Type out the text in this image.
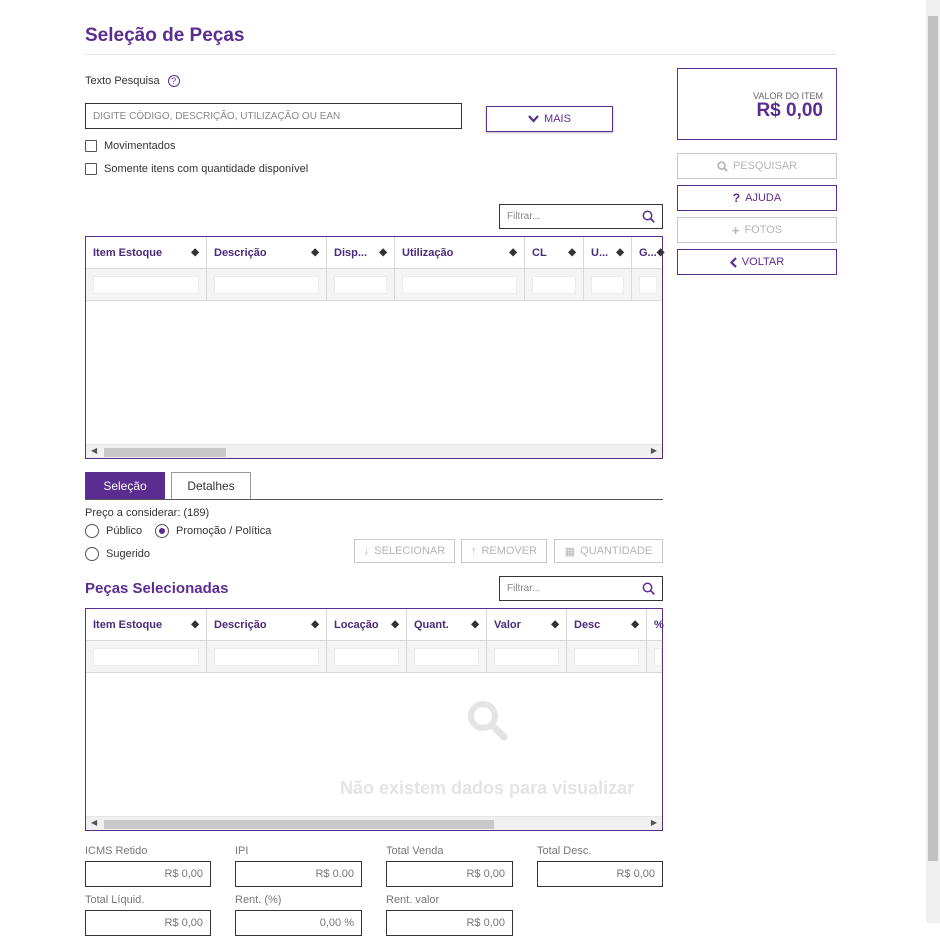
Seleção de Peças
Texto Pesquisa ?
DIGITE CÓDIGO, DESCRIÇÃO, UTILIZAÇÃO OU EAN	MAIS
Movimentados
Somente itens com quantidade disponível
VALOR DO ITEM
R$ 0,00
PESQUISAR
? AJUDA
+ FOTOS
VOLTAR
Filtrar...
Item Estoque	◆ Descrição	◆ Disp... ◆ Utilização	◆ CL ◆ U... ◆ G... ◆
◀	▶
Seleção	Detalhes
Preço a considerar: (189)
Público	Promoção / Política
Sugerido	↓ SELECIONAR ↑ REMOVER	▦ QUANTIDADE
Peças Selecionadas	Filtrar...
Item Estoque	◆ Descrição	◆ Locação ◆ Quant. ◆ Valor	◆ Desc	◆ %
Não existem dados para visualizar
◀	▶
ICMS Retido
R$ 0,00
IPI
R$ 0.00
Total Venda
R$ 0,00
Total Desc.
R$ 0,00
Total Líquid.
R$ 0,00
Rent. (%)
0,00 %
Rent. valor
R$ 0,00
